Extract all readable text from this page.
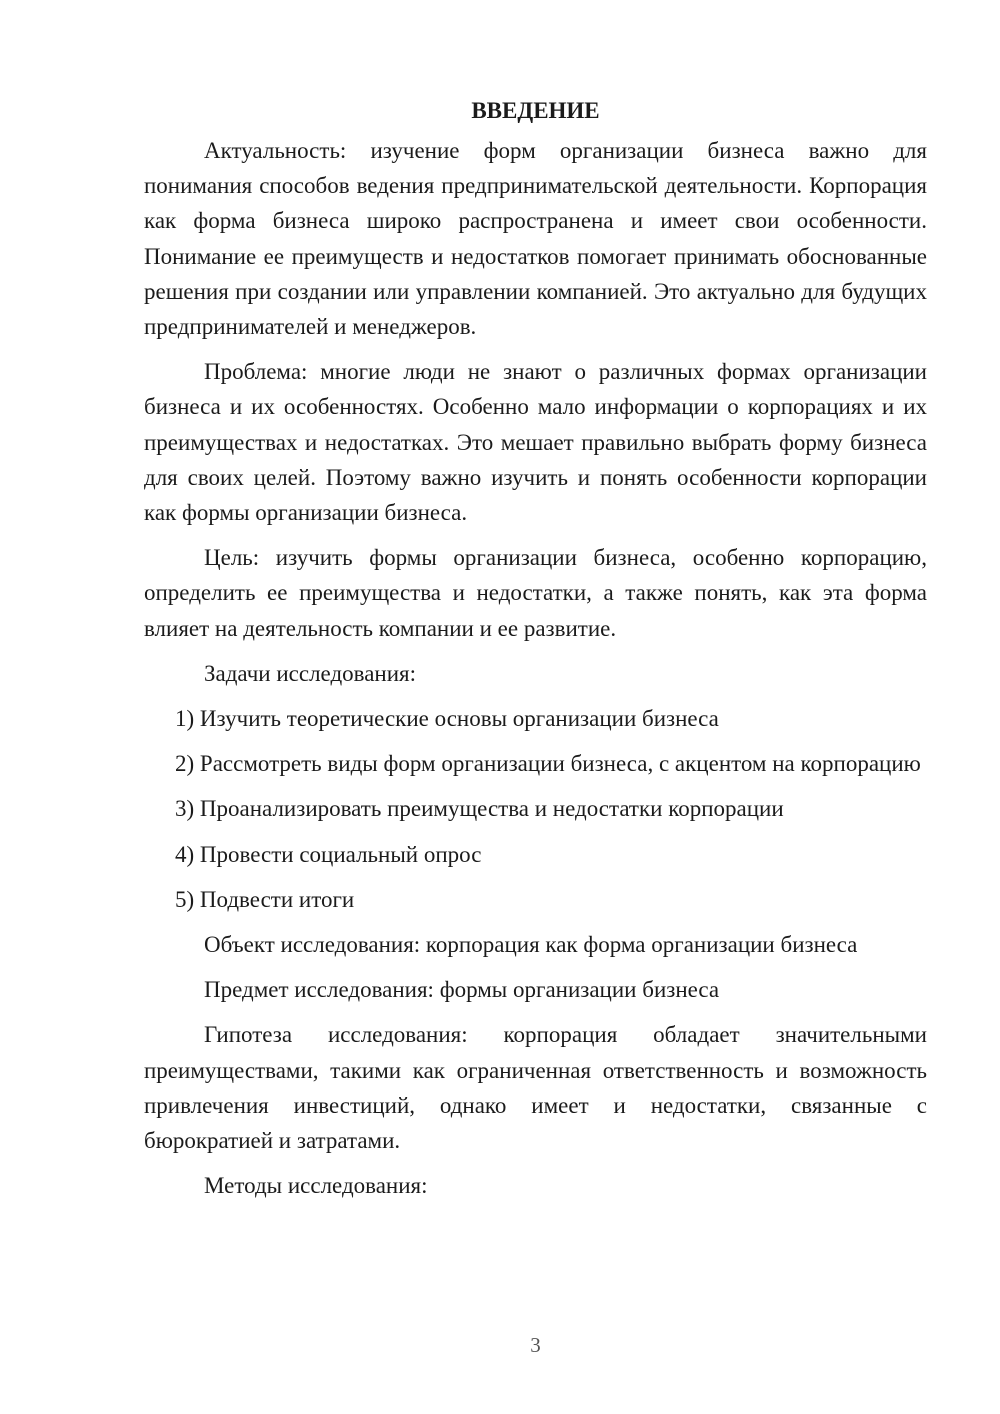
ВВЕДЕНИЕ

Актуальность: изучение форм организации бизнеса важно для понимания способов ведения предпринимательской деятельности. Корпорация как форма бизнеса широко распространена и имеет свои особенности. Понимание ее преимуществ и недостатков помогает принимать обоснованные решения при создании или управлении компанией. Это актуально для будущих предпринимателей и менеджеров.

Проблема: многие люди не знают о различных формах организации бизнеса и их особенностях. Особенно мало информации о корпорациях и их преимуществах и недостатках. Это мешает правильно выбрать форму бизнеса для своих целей. Поэтому важно изучить и понять особенности корпорации как формы организации бизнеса.

Цель: изучить формы организации бизнеса, особенно корпорацию, определить ее преимущества и недостатки, а также понять, как эта форма влияет на деятельность компании и ее развитие.

Задачи исследования:

1) Изучить теоретические основы организации бизнеса

2) Рассмотреть виды форм организации бизнеса, с акцентом на корпорацию

3) Проанализировать преимущества и недостатки корпорации

4) Провести социальный опрос

5) Подвести итоги

Объект исследования: корпорация как форма организации бизнеса

Предмет исследования: формы организации бизнеса

Гипотеза исследования: корпорация обладает значительными преимуществами, такими как ограниченная ответственность и возможность привлечения инвестиций, однако имеет и недостатки, связанные с бюрократией и затратами.

Методы исследования:

3
